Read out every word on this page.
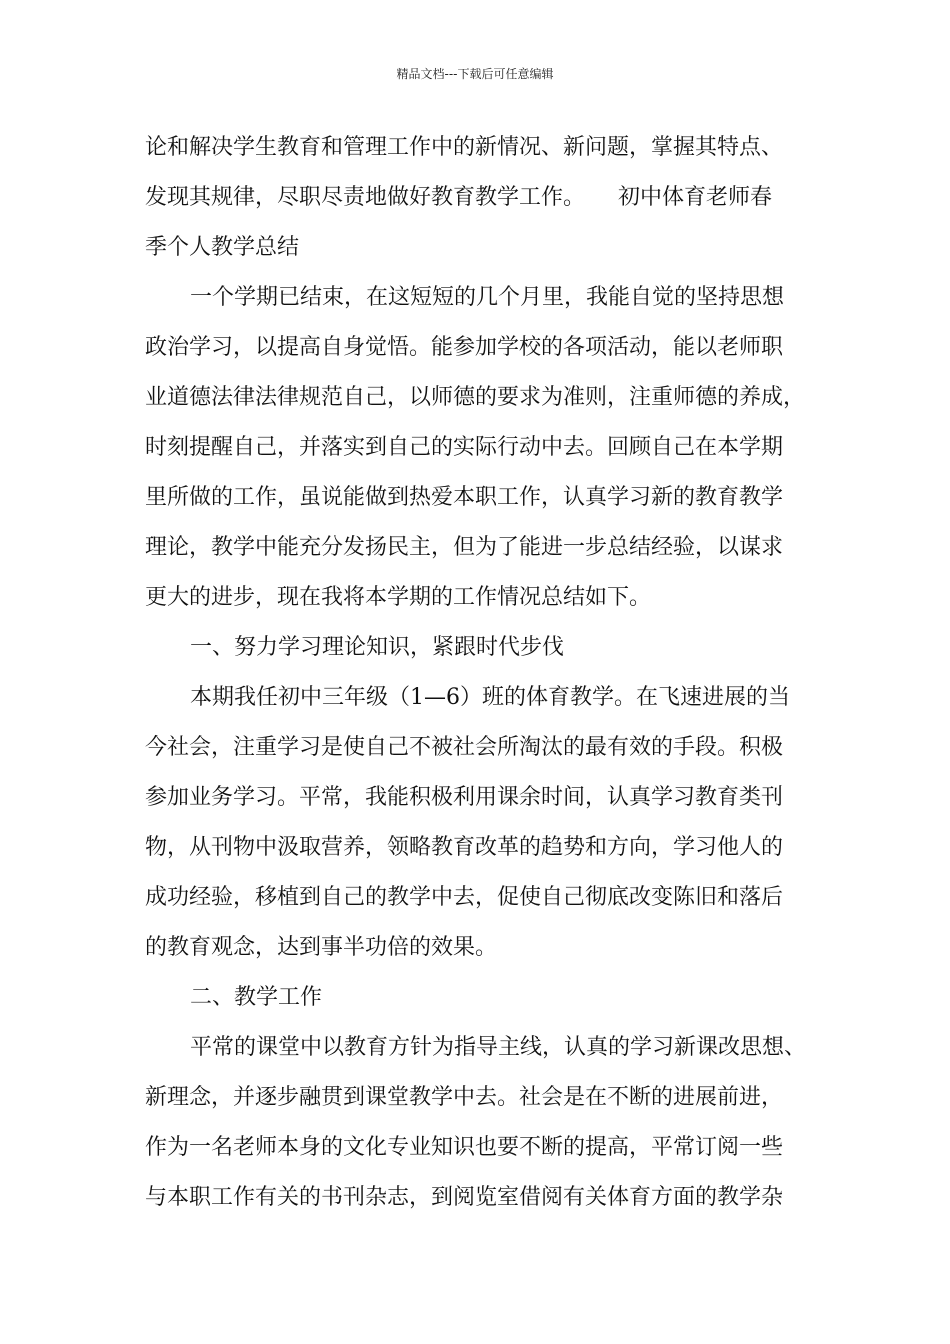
精品文档---下载后可任意编辑
论和解决学生教育和管理工作中的新情况、新问题，掌握其特点、
发现其规律，尽职尽责地做好教育教学工作。　　初中体育老师春
季个人教学总结
一个学期已结束，在这短短的几个月里，我能自觉的坚持思想
政治学习，以提高自身觉悟。能参加学校的各项活动，能以老师职
业道德法律法律规范自己，以师德的要求为准则，注重师德的养成，
时刻提醒自己，并落实到自己的实际行动中去。回顾自己在本学期
里所做的工作，虽说能做到热爱本职工作，认真学习新的教育教学
理论，教学中能充分发扬民主，但为了能进一步总结经验，以谋求
更大的进步，现在我将本学期的工作情况总结如下。
一、努力学习理论知识，紧跟时代步伐
本期我任初中三年级（1—6）班的体育教学。在飞速进展的当
今社会，注重学习是使自己不被社会所淘汰的最有效的手段。积极
参加业务学习。平常，我能积极利用课余时间，认真学习教育类刊
物，从刊物中汲取营养，领略教育改革的趋势和方向，学习他人的
成功经验，移植到自己的教学中去，促使自己彻底改变陈旧和落后
的教育观念，达到事半功倍的效果。
二、教学工作
平常的课堂中以教育方针为指导主线，认真的学习新课改思想、
新理念，并逐步融贯到课堂教学中去。社会是在不断的进展前进，
作为一名老师本身的文化专业知识也要不断的提高，平常订阅一些
与本职工作有关的书刊杂志，到阅览室借阅有关体育方面的教学杂
